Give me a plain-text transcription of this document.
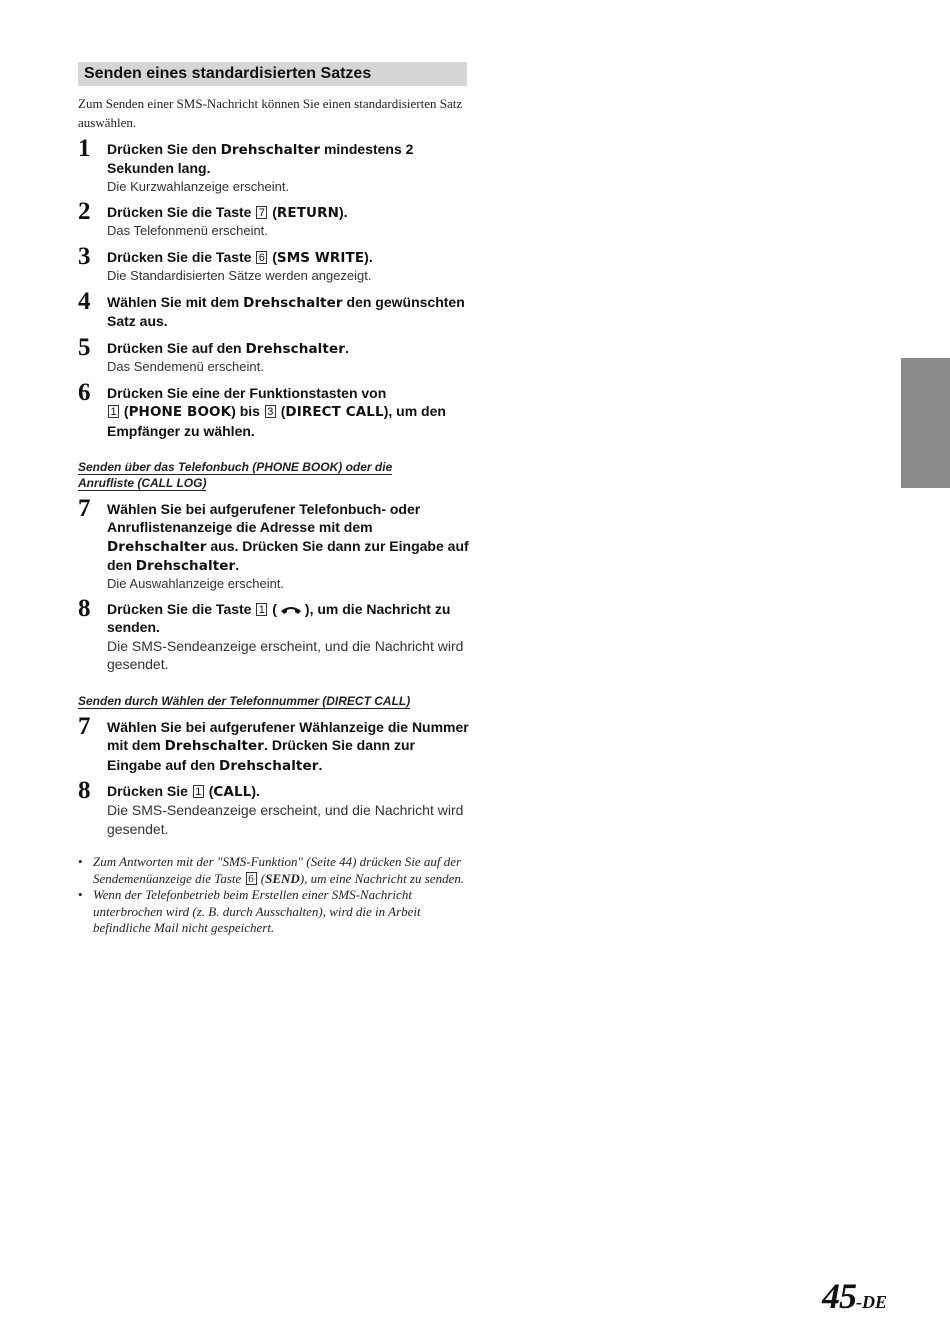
Senden eines standardisierten Satzes
Zum Senden einer SMS-Nachricht können Sie einen standardisierten Satz auswählen.
1	Drücken Sie den Drehschalter mindestens 2 Sekunden lang.
Die Kurzwahlanzeige erscheint.
2	Drücken Sie die Taste 7 (RETURN).
Das Telefonmenü erscheint.
3	Drücken Sie die Taste 6 (SMS WRITE).
Die Standardisierten Sätze werden angezeigt.
4	Wählen Sie mit dem Drehschalter den gewünschten Satz aus.
5	Drücken Sie auf den Drehschalter.
Das Sendemenü erscheint.
6	Drücken Sie eine der Funktionstasten von
1 (PHONE BOOK) bis 3 (DIRECT CALL), um den Empfänger zu wählen.
Senden über das Telefonbuch (PHONE BOOK) oder die Anrufliste (CALL LOG)
7	Wählen Sie bei aufgerufener Telefonbuch- oder Anruflistenanzeige die Adresse mit dem Drehschalter aus. Drücken Sie dann zur Eingabe auf den Drehschalter.
Die Auswahlanzeige erscheint.
8	Drücken Sie die Taste 1 ( ), um die Nachricht zu senden.
Die SMS-Sendeanzeige erscheint, und die Nachricht wird gesendet.
Senden durch Wählen der Telefonnummer (DIRECT CALL)
7	Wählen Sie bei aufgerufener Wählanzeige die Nummer mit dem Drehschalter. Drücken Sie dann zur Eingabe auf den Drehschalter.
8	Drücken Sie 1 (CALL).
Die SMS-Sendeanzeige erscheint, und die Nachricht wird gesendet.
• Zum Antworten mit der "SMS-Funktion" (Seite 44) drücken Sie auf der Sendemenüanzeige die Taste 6 (SEND), um eine Nachricht zu senden.
• Wenn der Telefonbetrieb beim Erstellen einer SMS-Nachricht unterbrochen wird (z. B. durch Ausschalten), wird die in Arbeit befindliche Mail nicht gespeichert.
45-DE
